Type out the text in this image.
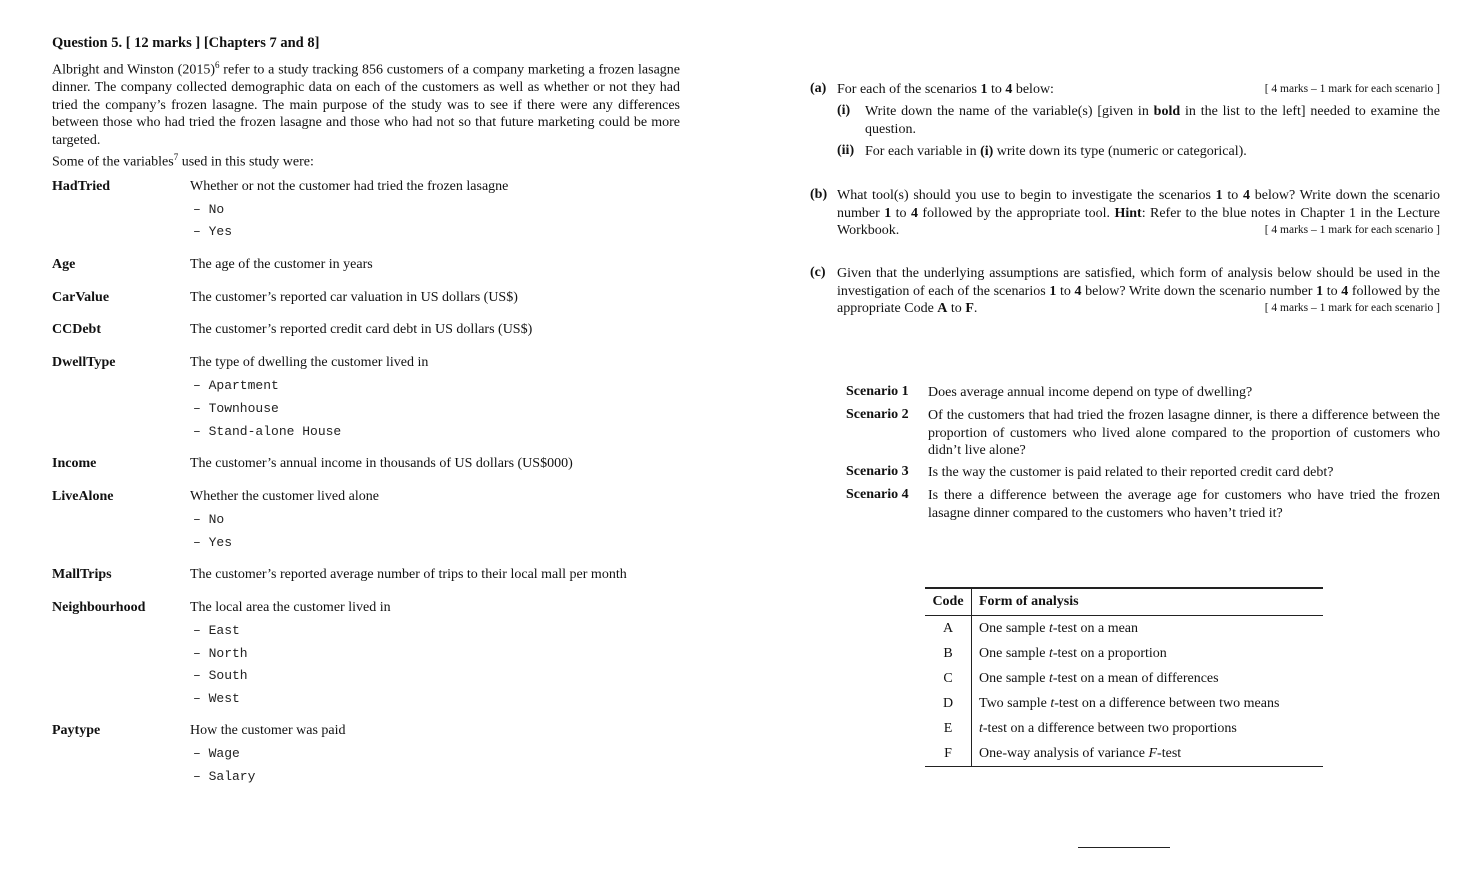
Question 5. [ 12 marks ] [Chapters 7 and 8]
Albright and Winston $(2015)^6$ refer to a study tracking 856 customers of a company marketing a frozen lasagne dinner. The company collected demographic data on each of the customers as well as whether or not they had tried the company’s frozen lasagne. The main purpose of the study was to see if there were any differences between those who had tried the frozen lasagne and those who had not so that future marketing could be more targeted.
Some of the variables$^7$ used in this study were:
HadTried	Whether or not the customer had tried the frozen lasagne
– No
– Yes
Age	The age of the customer in years
CarValue	The customer’s reported car valuation in US dollars (US$)
CCDebt	The customer’s reported credit card debt in US dollars (US$)
DwellType	The type of dwelling the customer lived in
– Apartment
– Townhouse
– Stand-alone House
Income	The customer’s annual income in thousands of US dollars (US$000)
LiveAlone	Whether the customer lived alone
– No
– Yes
MallTrips	The customer’s reported average number of trips to their local mall per month
Neighbourhood	The local area the customer lived in
– East
– North
– South
– West
Paytype	How the customer was paid
– Wage
– Salary
(a) For each of the scenarios 1 to 4 below:	[ 4 marks – 1 mark for each scenario ]
(i) Write down the name of the variable(s) [given in bold in the list to the left] needed to examine the question.
(ii) For each variable in (i) write down its type (numeric or categorical).
(b) What tool(s) should you use to begin to investigate the scenarios 1 to 4 below? Write down the scenario number 1 to 4 followed by the appropriate tool. Hint: Refer to the blue notes in Chapter 1 in the Lecture Workbook.	[ 4 marks – 1 mark for each scenario ]
(c) Given that the underlying assumptions are satisfied, which form of analysis below should be used in the investigation of each of the scenarios 1 to 4 below? Write down the scenario number 1 to 4 followed by the appropriate Code A to F.	[ 4 marks – 1 mark for each scenario ]
Scenario 1 Does average annual income depend on type of dwelling?
Scenario 2 Of the customers that had tried the frozen lasagne dinner, is there a difference between the proportion of customers who lived alone compared to the proportion of customers who didn’t live alone?
Scenario 3 Is the way the customer is paid related to their reported credit card debt?
Scenario 4 Is there a difference between the average age for customers who have tried the frozen lasagne dinner compared to the customers who haven’t tried it?
Code	Form of analysis
A	One sample t-test on a mean
B	One sample t-test on a proportion
C	One sample t-test on a mean of differences
D	Two sample t-test on a difference between two means
E	t-test on a difference between two proportions
F	One-way analysis of variance F-test
